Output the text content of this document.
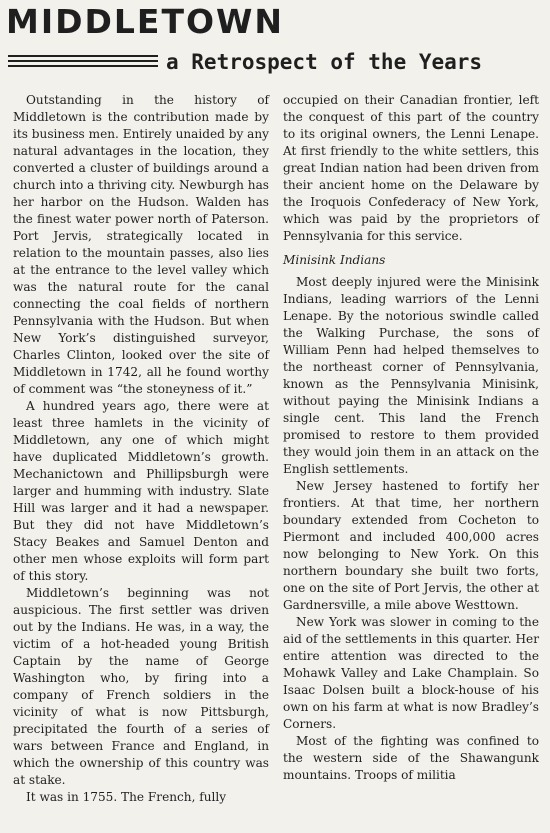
MIDDLETOWN
a Retrospect of the Years

Outstanding in the history of Middletown is the contribution made by its business men. Entirely unaided by any natural advantages in the location, they converted a cluster of buildings around a church into a thriving city. Newburgh has her harbor on the Hudson. Walden has the finest water power north of Paterson. Port Jervis, strategically located in relation to the mountain passes, also lies at the entrance to the level valley which was the natural route for the canal connecting the coal fields of northern Pennsylvania with the Hudson. But when New York’s distinguished surveyor, Charles Clinton, looked over the site of Middletown in 1742, all he found worthy of comment was “the stoneyness of it.”

A hundred years ago, there were at least three hamlets in the vicinity of Middletown, any one of which might have duplicated Middletown’s growth. Mechanictown and Phillipsburgh were larger and humming with industry. Slate Hill was larger and it had a newspaper. But they did not have Middletown’s Stacy Beakes and Samuel Denton and other men whose exploits will form part of this story.

Middletown’s beginning was not auspicious. The first settler was driven out by the Indians. He was, in a way, the victim of a hot-headed young British Captain by the name of George Washington who, by firing into a company of French soldiers in the vicinity of what is now Pittsburgh, precipitated the fourth of a series of wars between France and England, in which the ownership of this country was at stake.

It was in 1755. The French, fully

occupied on their Canadian frontier, left the conquest of this part of the country to its original owners, the Lenni Lenape. At first friendly to the white settlers, this great Indian nation had been driven from their ancient home on the Delaware by the Iroquois Confederacy of New York, which was paid by the proprietors of Pennsylvania for this service.

Minisink Indians

Most deeply injured were the Minisink Indians, leading warriors of the Lenni Lenape. By the notorious swindle called the Walking Purchase, the sons of William Penn had helped themselves to the northeast corner of Pennsylvania, known as the Pennsylvania Minisink, without paying the Minisink Indians a single cent. This land the French promised to restore to them provided they would join them in an attack on the English settlements.

New Jersey hastened to fortify her frontiers. At that time, her northern boundary extended from Cocheton to Piermont and included 400,000 acres now belonging to New York. On this northern boundary she built two forts, one on the site of Port Jervis, the other at Gardnersville, a mile above Westtown.

New York was slower in coming to the aid of the settlements in this quarter. Her entire attention was directed to the Mohawk Valley and Lake Champlain. So Isaac Dolsen built a block-house of his own on his farm at what is now Bradley’s Corners.

Most of the fighting was confined to the western side of the Shawangunk mountains. Troops of militia
